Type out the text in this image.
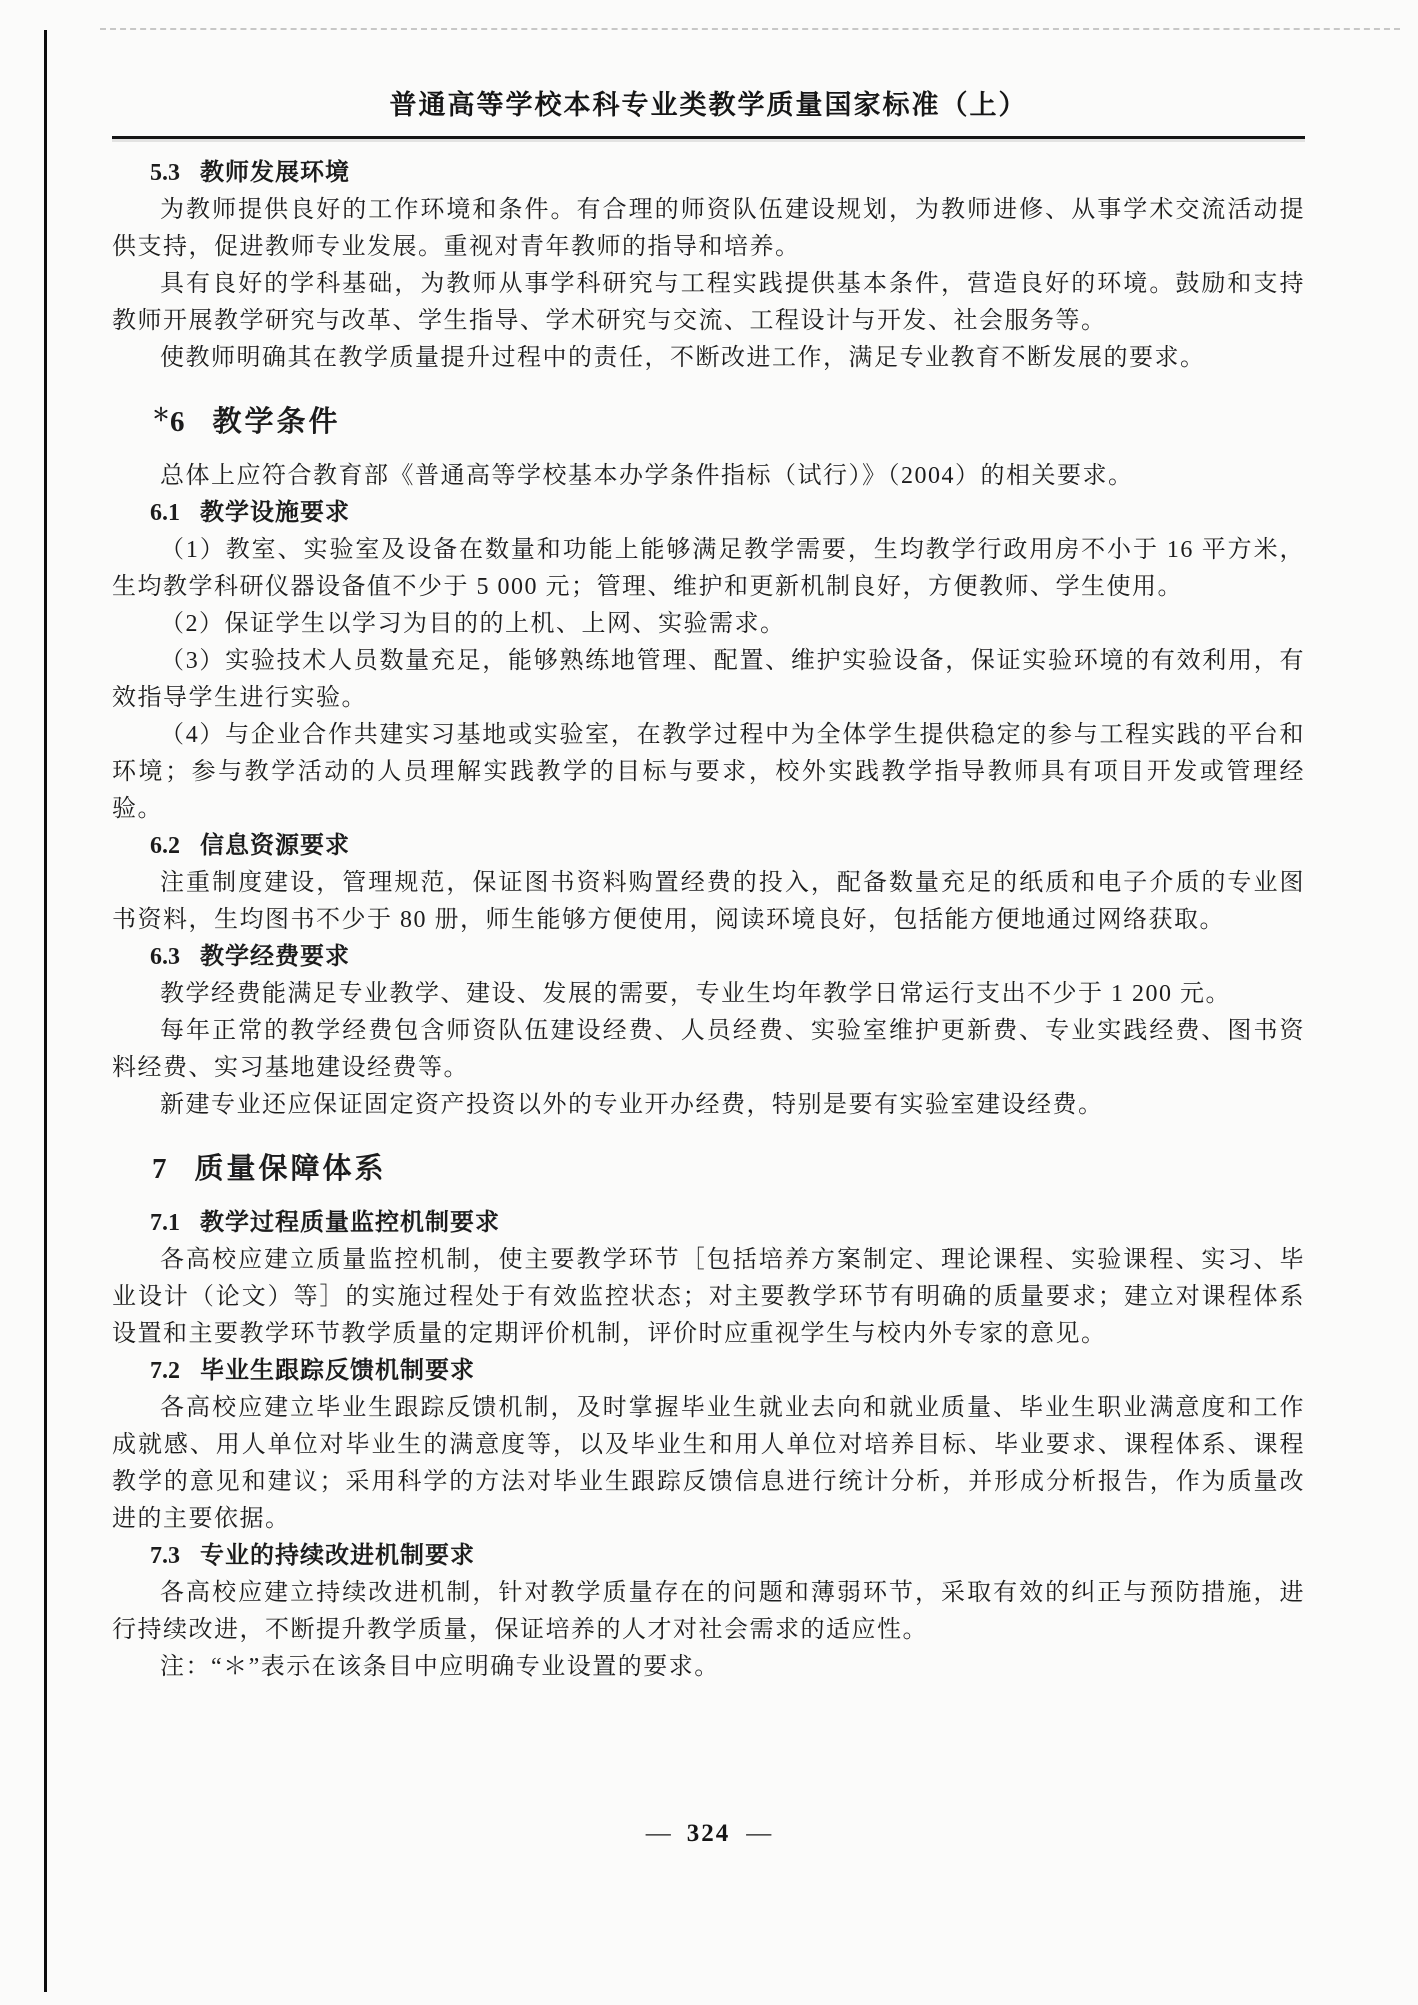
普通高等学校本科专业类教学质量国家标准（上）
5.3 教师发展环境

为教师提供良好的工作环境和条件。有合理的师资队伍建设规划，为教师进修、从事学术交流活动提供支持，促进教师专业发展。重视对青年教师的指导和培养。

具有良好的学科基础，为教师从事学科研究与工程实践提供基本条件，营造良好的环境。鼓励和支持教师开展教学研究与改革、学生指导、学术研究与交流、工程设计与开发、社会服务等。

使教师明确其在教学质量提升过程中的责任，不断改进工作，满足专业教育不断发展的要求。

＊6 教学条件

总体上应符合教育部《普通高等学校基本办学条件指标（试行）》（2004）的相关要求。

6.1 教学设施要求

（1）教室、实验室及设备在数量和功能上能够满足教学需要，生均教学行政用房不小于 16 平方米，生均教学科研仪器设备值不少于 5 000 元；管理、维护和更新机制良好，方便教师、学生使用。

（2）保证学生以学习为目的的上机、上网、实验需求。

（3）实验技术人员数量充足，能够熟练地管理、配置、维护实验设备，保证实验环境的有效利用，有效指导学生进行实验。

（4）与企业合作共建实习基地或实验室，在教学过程中为全体学生提供稳定的参与工程实践的平台和环境；参与教学活动的人员理解实践教学的目标与要求，校外实践教学指导教师具有项目开发或管理经验。

6.2 信息资源要求

注重制度建设，管理规范，保证图书资料购置经费的投入，配备数量充足的纸质和电子介质的专业图书资料，生均图书不少于 80 册，师生能够方便使用，阅读环境良好，包括能方便地通过网络获取。

6.3 教学经费要求

教学经费能满足专业教学、建设、发展的需要，专业生均年教学日常运行支出不少于 1 200 元。

每年正常的教学经费包含师资队伍建设经费、人员经费、实验室维护更新费、专业实践经费、图书资料经费、实习基地建设经费等。

新建专业还应保证固定资产投资以外的专业开办经费，特别是要有实验室建设经费。

7 质量保障体系
7.1 教学过程质量监控机制要求

各高校应建立质量监控机制，使主要教学环节［包括培养方案制定、理论课程、实验课程、实习、毕业设计（论文）等］的实施过程处于有效监控状态；对主要教学环节有明确的质量要求；建立对课程体系设置和主要教学环节教学质量的定期评价机制，评价时应重视学生与校内外专家的意见。

7.2 毕业生跟踪反馈机制要求

各高校应建立毕业生跟踪反馈机制，及时掌握毕业生就业去向和就业质量、毕业生职业满意度和工作成就感、用人单位对毕业生的满意度等，以及毕业生和用人单位对培养目标、毕业要求、课程体系、课程教学的意见和建议；采用科学的方法对毕业生跟踪反馈信息进行统计分析，并形成分析报告，作为质量改进的主要依据。

7.3 专业的持续改进机制要求

各高校应建立持续改进机制，针对教学质量存在的问题和薄弱环节，采取有效的纠正与预防措施，进行持续改进，不断提升教学质量，保证培养的人才对社会需求的适应性。

注：“＊”表示在该条目中应明确专业设置的要求。

— 324 —
